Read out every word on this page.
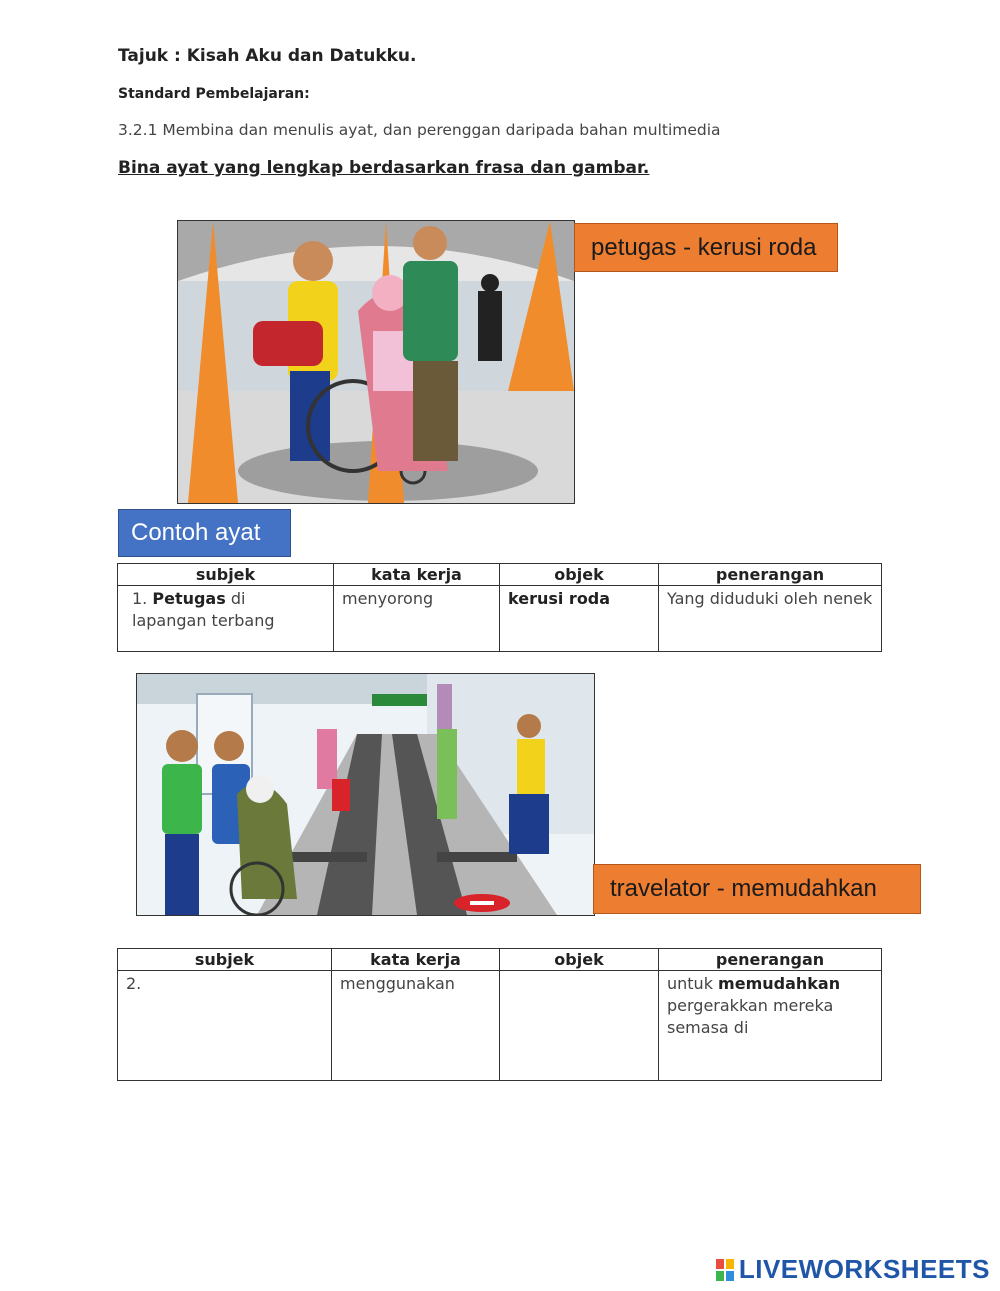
Tajuk : Kisah Aku dan Datukku.
Standard Pembelajaran:
3.2.1 Membina dan menulis ayat, dan perenggan daripada bahan multimedia
Bina ayat yang lengkap berdasarkan frasa dan gambar.
petugas - kerusi roda
Contoh ayat
subjek	kata kerja	objek	penerangan
1. Petugas di
lapangan terbang	menyorong	kerusi roda	Yang diduduki oleh nenek
travelator - memudahkan
subjek	kata kerja	objek	penerangan
2.	menggunakan		untuk memudahkan pergerakkan mereka semasa di
LIVEWORKSHEETS
